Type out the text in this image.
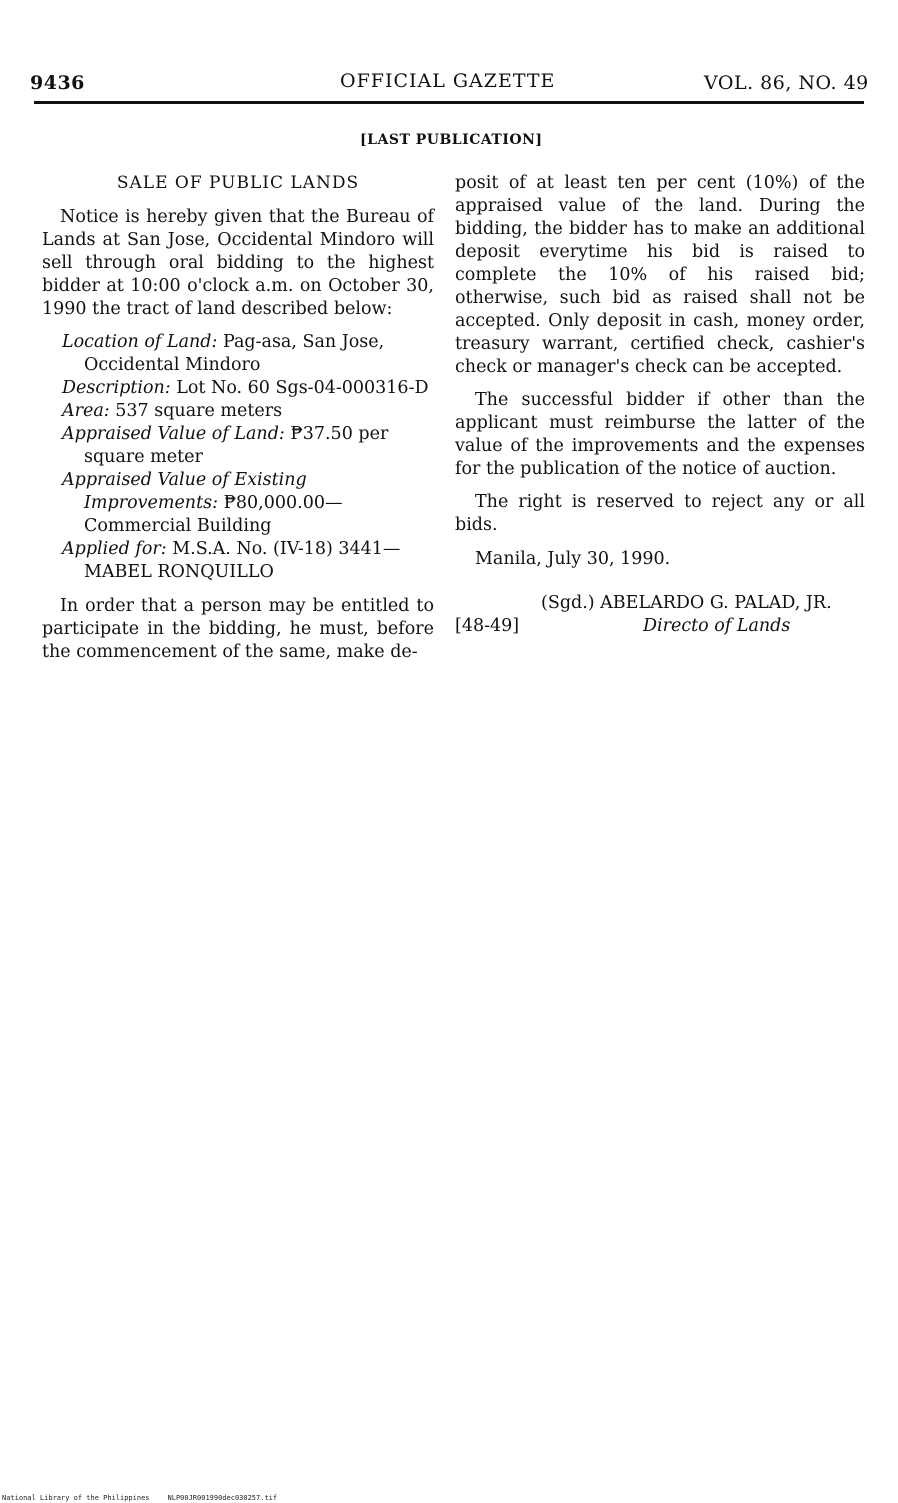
9436	OFFICIAL GAZETTE	VOL. 86, NO. 49
[LAST PUBLICATION]
SALE OF PUBLIC LANDS

Notice is hereby given that the Bureau of Lands at San Jose, Occidental Mindoro will sell through oral bidding to the highest bidder at 10:00 o'clock a.m. on October 30, 1990 the tract of land described below:

Location of Land: Pag-asa, San Jose, Occidental Mindoro

Description: Lot No. 60 Sgs-04-000316-D

Area: 537 square meters

Appraised Value of Land: ₱37.50 per square meter

Appraised Value of Existing Improvements: ₱80,000.00—Commercial Building

Applied for: M.S.A. No. (IV-18) 3441—MABEL RONQUILLO

In order that a person may be entitled to participate in the bidding, he must, before the commencement of the same, make de-

posit of at least ten per cent (10%) of the appraised value of the land. During the bidding, the bidder has to make an additional deposit everytime his bid is raised to complete the 10% of his raised bid; otherwise, such bid as raised shall not be accepted. Only deposit in cash, money order, treasury warrant, certified check, cashier's check or manager's check can be accepted.

The successful bidder if other than the applicant must reimburse the latter of the value of the improvements and the expenses for the publication of the notice of auction.

The right is reserved to reject any or all bids.

Manila, July 30, 1990.

(Sgd.) ABELARDO G. PALAD, JR.

[48-49]	Directo of Lands

National Library of the Philippines	NLP00JR001990dec030257.tif
